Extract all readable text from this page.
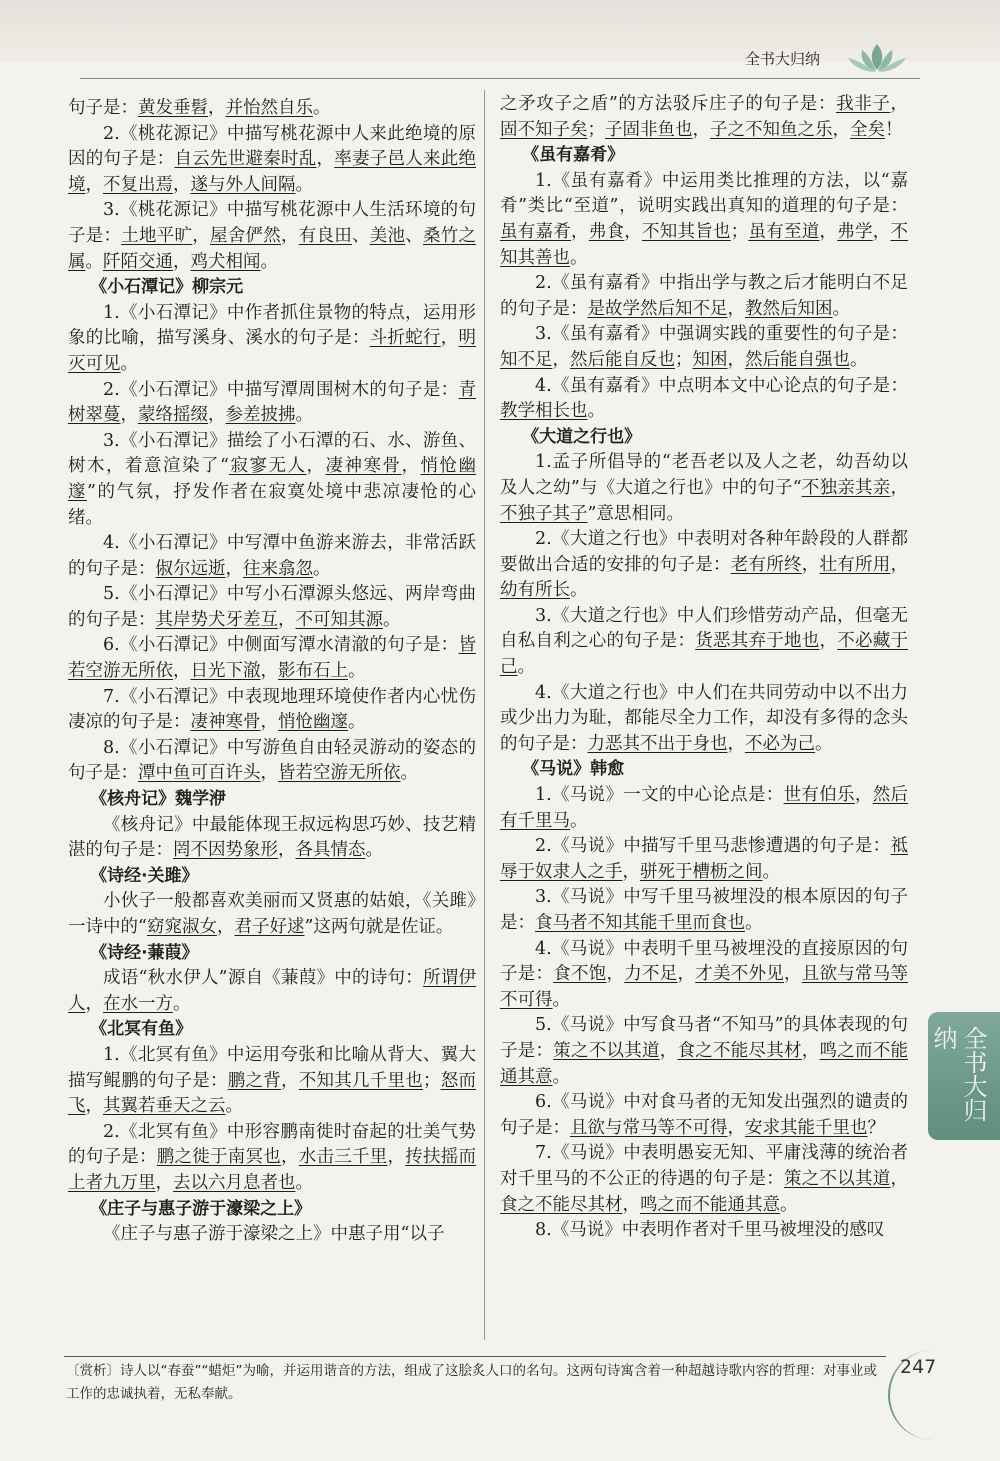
全书大归纳

句子是：黄发垂髫，并怡然自乐。

2.《桃花源记》中描写桃花源中人来此绝境的原因的句子是：自云先世避秦时乱，率妻子邑人来此绝境，不复出焉，遂与外人间隔。

3.《桃花源记》中描写桃花源中人生活环境的句子是：土地平旷，屋舍俨然，有良田、美池、桑竹之属。阡陌交通，鸡犬相闻。

《小石潭记》柳宗元

1.《小石潭记》中作者抓住景物的特点，运用形象的比喻，描写溪身、溪水的句子是：斗折蛇行，明灭可见。

2.《小石潭记》中描写潭周围树木的句子是：青树翠蔓，蒙络摇缀，参差披拂。

3.《小石潭记》描绘了小石潭的石、水、游鱼、树木，着意渲染了“寂寥无人，凄神寒骨，悄怆幽邃”的气氛，抒发作者在寂寞处境中悲凉凄怆的心绪。

4.《小石潭记》中写潭中鱼游来游去，非常活跃的句子是：俶尔远逝，往来翕忽。

5.《小石潭记》中写小石潭源头悠远、两岸弯曲的句子是：其岸势犬牙差互，不可知其源。

6.《小石潭记》中侧面写潭水清澈的句子是：皆若空游无所依，日光下澈，影布石上。

7.《小石潭记》中表现地理环境使作者内心忧伤凄凉的句子是：凄神寒骨，悄怆幽邃。

8.《小石潭记》中写游鱼自由轻灵游动的姿态的句子是：潭中鱼可百许头，皆若空游无所依。

《核舟记》魏学洢

《核舟记》中最能体现王叔远构思巧妙、技艺精湛的句子是：罔不因势象形，各具情态。

《诗经·关雎》

小伙子一般都喜欢美丽而又贤惠的姑娘，《关雎》一诗中的“窈窕淑女，君子好逑”这两句就是佐证。

《诗经·蒹葭》

成语“秋水伊人”源自《蒹葭》中的诗句：所谓伊人，在水一方。

《北冥有鱼》

1.《北冥有鱼》中运用夸张和比喻从背大、翼大描写鲲鹏的句子是：鹏之背，不知其几千里也；怒而飞，其翼若垂天之云。

2.《北冥有鱼》中形容鹏南徙时奋起的壮美气势的句子是：鹏之徙于南冥也，水击三千里，抟扶摇而上者九万里，去以六月息者也。

《庄子与惠子游于濠梁之上》

《庄子与惠子游于濠梁之上》中惠子用“以子

之矛攻子之盾”的方法驳斥庄子的句子是：我非子，固不知子矣；子固非鱼也，子之不知鱼之乐，全矣！

《虽有嘉肴》

1.《虽有嘉肴》中运用类比推理的方法，以“嘉肴”类比“至道”，说明实践出真知的道理的句子是：虽有嘉肴，弗食，不知其旨也；虽有至道，弗学，不知其善也。

2.《虽有嘉肴》中指出学与教之后才能明白不足的句子是：是故学然后知不足，教然后知困。

3.《虽有嘉肴》中强调实践的重要性的句子是：知不足，然后能自反也；知困，然后能自强也。

4.《虽有嘉肴》中点明本文中心论点的句子是：教学相长也。

《大道之行也》

1.孟子所倡导的“老吾老以及人之老，幼吾幼以及人之幼”与《大道之行也》中的句子“不独亲其亲，不独子其子”意思相同。

2.《大道之行也》中表明对各种年龄段的人群都要做出合适的安排的句子是：老有所终，壮有所用，幼有所长。

3.《大道之行也》中人们珍惜劳动产品，但毫无自私自利之心的句子是：货恶其弃于地也，不必藏于己。

4.《大道之行也》中人们在共同劳动中以不出力或少出力为耻，都能尽全力工作，却没有多得的念头的句子是：力恶其不出于身也，不必为己。

《马说》韩愈

1.《马说》一文的中心论点是：世有伯乐，然后有千里马。

2.《马说》中描写千里马悲惨遭遇的句子是：祗辱于奴隶人之手，骈死于槽枥之间。

3.《马说》中写千里马被埋没的根本原因的句子是：食马者不知其能千里而食也。

4.《马说》中表明千里马被埋没的直接原因的句子是：食不饱，力不足，才美不外见，且欲与常马等不可得。

5.《马说》中写食马者“不知马”的具体表现的句子是：策之不以其道，食之不能尽其材，鸣之而不能通其意。

6.《马说》中对食马者的无知发出强烈的谴责的句子是：且欲与常马等不可得，安求其能千里也？

7.《马说》中表明愚妄无知、平庸浅薄的统治者对千里马的不公正的待遇的句子是：策之不以其道，食之不能尽其材，鸣之而不能通其意。

8.《马说》中表明作者对千里马被埋没的感叹

全书大归纳
〔赏析〕诗人以“春蚕”“蜡炬”为喻，并运用谐音的方法，组成了这脍炙人口的名句。这两句诗寓含着一种超越诗歌内容的哲理：对事业或工作的忠诚执着，无私奉献。
247
